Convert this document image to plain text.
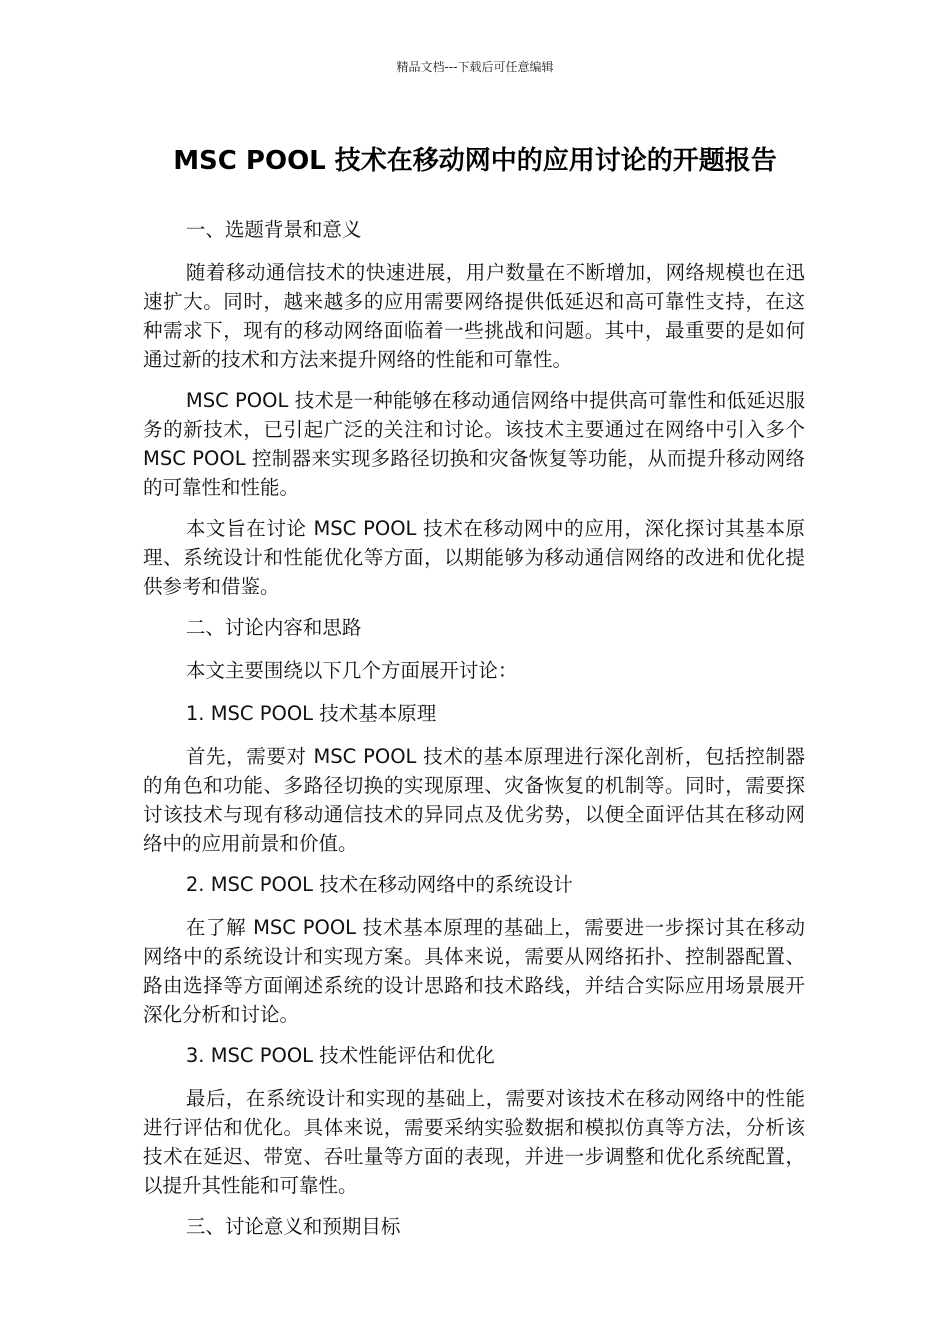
精品文档---下载后可任意编辑
MSC POOL 技术在移动网中的应用讨论的开题报告

一、选题背景和意义

随着移动通信技术的快速进展，用户数量在不断增加，网络规模也在迅速扩大。同时，越来越多的应用需要网络提供低延迟和高可靠性支持，在这种需求下，现有的移动网络面临着一些挑战和问题。其中，最重要的是如何通过新的技术和方法来提升网络的性能和可靠性。

MSC POOL 技术是一种能够在移动通信网络中提供高可靠性和低延迟服务的新技术，已引起广泛的关注和讨论。该技术主要通过在网络中引入多个 MSC POOL 控制器来实现多路径切换和灾备恢复等功能，从而提升移动网络的可靠性和性能。

本文旨在讨论 MSC POOL 技术在移动网中的应用，深化探讨其基本原理、系统设计和性能优化等方面，以期能够为移动通信网络的改进和优化提供参考和借鉴。

二、讨论内容和思路

本文主要围绕以下几个方面展开讨论：

1. MSC POOL 技术基本原理

首先，需要对 MSC POOL 技术的基本原理进行深化剖析，包括控制器的角色和功能、多路径切换的实现原理、灾备恢复的机制等。同时，需要探讨该技术与现有移动通信技术的异同点及优劣势，以便全面评估其在移动网络中的应用前景和价值。

2. MSC POOL 技术在移动网络中的系统设计

在了解 MSC POOL 技术基本原理的基础上，需要进一步探讨其在移动网络中的系统设计和实现方案。具体来说，需要从网络拓扑、控制器配置、路由选择等方面阐述系统的设计思路和技术路线，并结合实际应用场景展开深化分析和讨论。

3. MSC POOL 技术性能评估和优化

最后，在系统设计和实现的基础上，需要对该技术在移动网络中的性能进行评估和优化。具体来说，需要采纳实验数据和模拟仿真等方法，分析该技术在延迟、带宽、吞吐量等方面的表现，并进一步调整和优化系统配置，以提升其性能和可靠性。

三、讨论意义和预期目标
